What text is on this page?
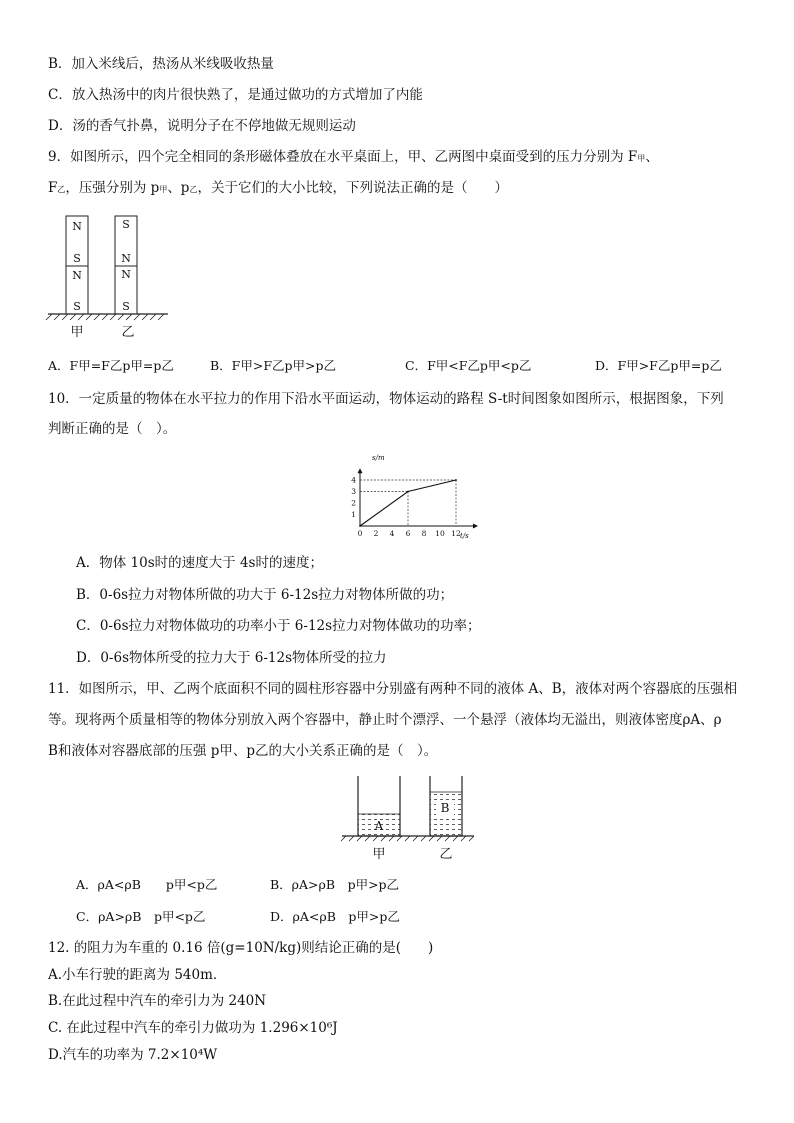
B．加入米线后，热汤从米线吸收热量
C．放入热汤中的肉片很快熟了，是通过做功的方式增加了内能
D．汤的香气扑鼻，说明分子在不停地做无规则运动
9．如图所示，四个完全相同的条形磁体叠放在水平桌面上，甲、乙两图中桌面受到的压力分别为 F甲、
F乙，压强分别为 p甲、p乙，关于它们的大小比较，下列说法正确的是（　　）
N
S
N
S
S
N
N
S
甲	乙
A．F甲=F乙p甲=p乙	B．F甲>F乙p甲>p乙	C．F甲<F乙p甲<p乙	D．F甲>F乙p甲=p乙
10．一定质量的物体在水平拉力的作用下沿水平面运动，物体运动的路程 S-t时间图象如图所示，根据图象，下列
判断正确的是（　）。
0 2 4 6 8 10 12
1
2
3
4
s/m
t/s
A．物体 10s时的速度大于 4s时的速度；
B．0-6s拉力对物体所做的功大于 6-12s拉力对物体所做的功；
C．0-6s拉力对物体做功的功率小于 6-12s拉力对物体做功的功率；
D．0-6s物体所受的拉力大于 6-12s物体所受的拉力
11．如图所示，甲、乙两个底面积不同的圆柱形容器中分别盛有两种不同的液体 A、B，液体对两个容器底的压强相
等。现将两个质量相等的物体分别放入两个容器中，静止时个漂浮、一个悬浮（液体均无溢出，则液体密度ρA、ρ
B和液体对容器底部的压强 p甲、p乙的大小关系正确的是（　）。
A
B
甲	乙
A．ρA<ρB　　p甲<p乙	B．ρA>ρB　p甲>p乙
C．ρA>ρB　p甲<p乙	D．ρA<ρB　p甲>p乙
12. 的阻力为车重的 0.16 倍(g=10N/kg)则结论正确的是(　　)
A.小车行驶的距离为 540m．
B.在此过程中汽车的牵引力为 240N
C. 在此过程中汽车的牵引力做功为 1.296×10⁶J
D.汽车的功率为 7.2×10⁴W
